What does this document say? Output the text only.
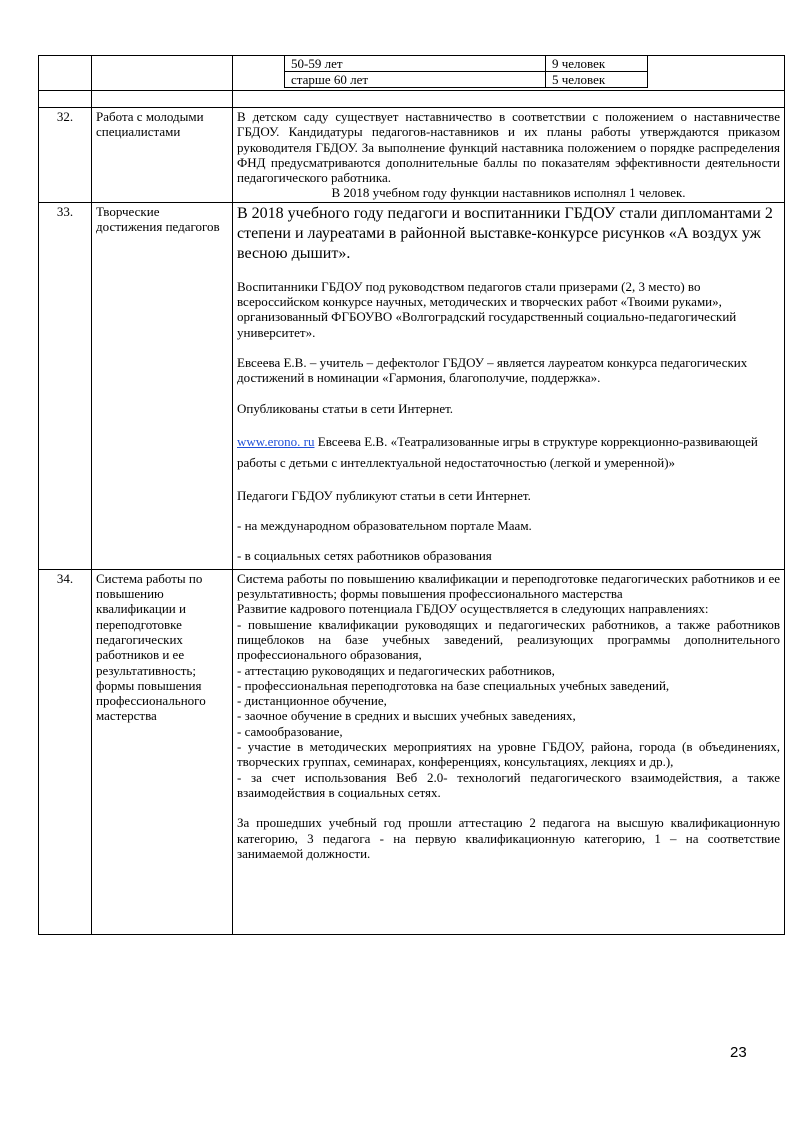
50-59 лет	9 человек
старше 60 лет	5 человек

32.	Работа с молодыми специалистами	
В детском саду существует наставничество в соответствии с положением о наставничестве ГБДОУ. Кандидатуры педагогов-наставников и их планы работы утверждаются приказом руководителя ГБДОУ. За выполнение функций наставника положением о порядке распределения ФНД предусматриваются дополнительные баллы по показателям эффективности деятельности педагогического работника.
В 2018 учебном году функции наставников исполнял 1 человек.

33.	Творческие достижения педагогов	

В 2018 учебного году педагоги и воспитанники ГБДОУ стали дипломантами 2 степени и лауреатами в районной выставке-конкурсе рисунков «А воздух уж весною дышит».

Воспитанники ГБДОУ под руководством педагогов стали призерами (2, 3 место) во всероссийском конкурсе научных, методических и творческих работ «Твоими руками», организованный ФГБОУВО «Волгоградский государственный социально-педагогический университет».

Евсеева Е.В. – учитель – дефектолог ГБДОУ – является лауреатом конкурса педагогических достижений в номинации «Гармония, благополучие, поддержка».

Опубликованы статьи в сети Интернет.

www.erono. ru Евсеева Е.В. «Театрализованные игры в структуре коррекционно-развивающей работы с детьми с интеллектуальной недостаточностью (легкой и умеренной)»

Педагоги ГБДОУ публикуют статьи в сети Интернет.

- на международном образовательном портале Маам.

- в социальных сетях работников образования

34.	Система работы по повышению квалификации и переподготовке педагогических работников и ее результативность; формы повышения профессионального мастерства	

Система работы по повышению квалификации и переподготовке педагогических работников и ее результативность; формы повышения профессионального мастерства

Развитие кадрового потенциала ГБДОУ осуществляется в следующих направлениях:

- повышение квалификации руководящих и педагогических работников, а также работников пищеблоков на базе учебных заведений, реализующих программы дополнительного профессионального образования,

- аттестацию руководящих и педагогических работников,

- профессиональная переподготовка на базе специальных учебных заведений,

- дистанционное обучение,

- заочное обучение в средних и высших учебных заведениях,

- самообразование,

- участие в методических мероприятиях на уровне ГБДОУ, района, города (в объединениях, творческих группах, семинарах, конференциях, консультациях, лекциях и др.),

- за счет использования Веб 2.0- технологий педагогического взаимодействия, а также взаимодействия в социальных сетях.

За прошедших учебный год прошли аттестацию 2 педагога на высшую квалификационную категорию, 3 педагога - на первую квалификационную категорию, 1 – на соответствие занимаемой должности.

23
